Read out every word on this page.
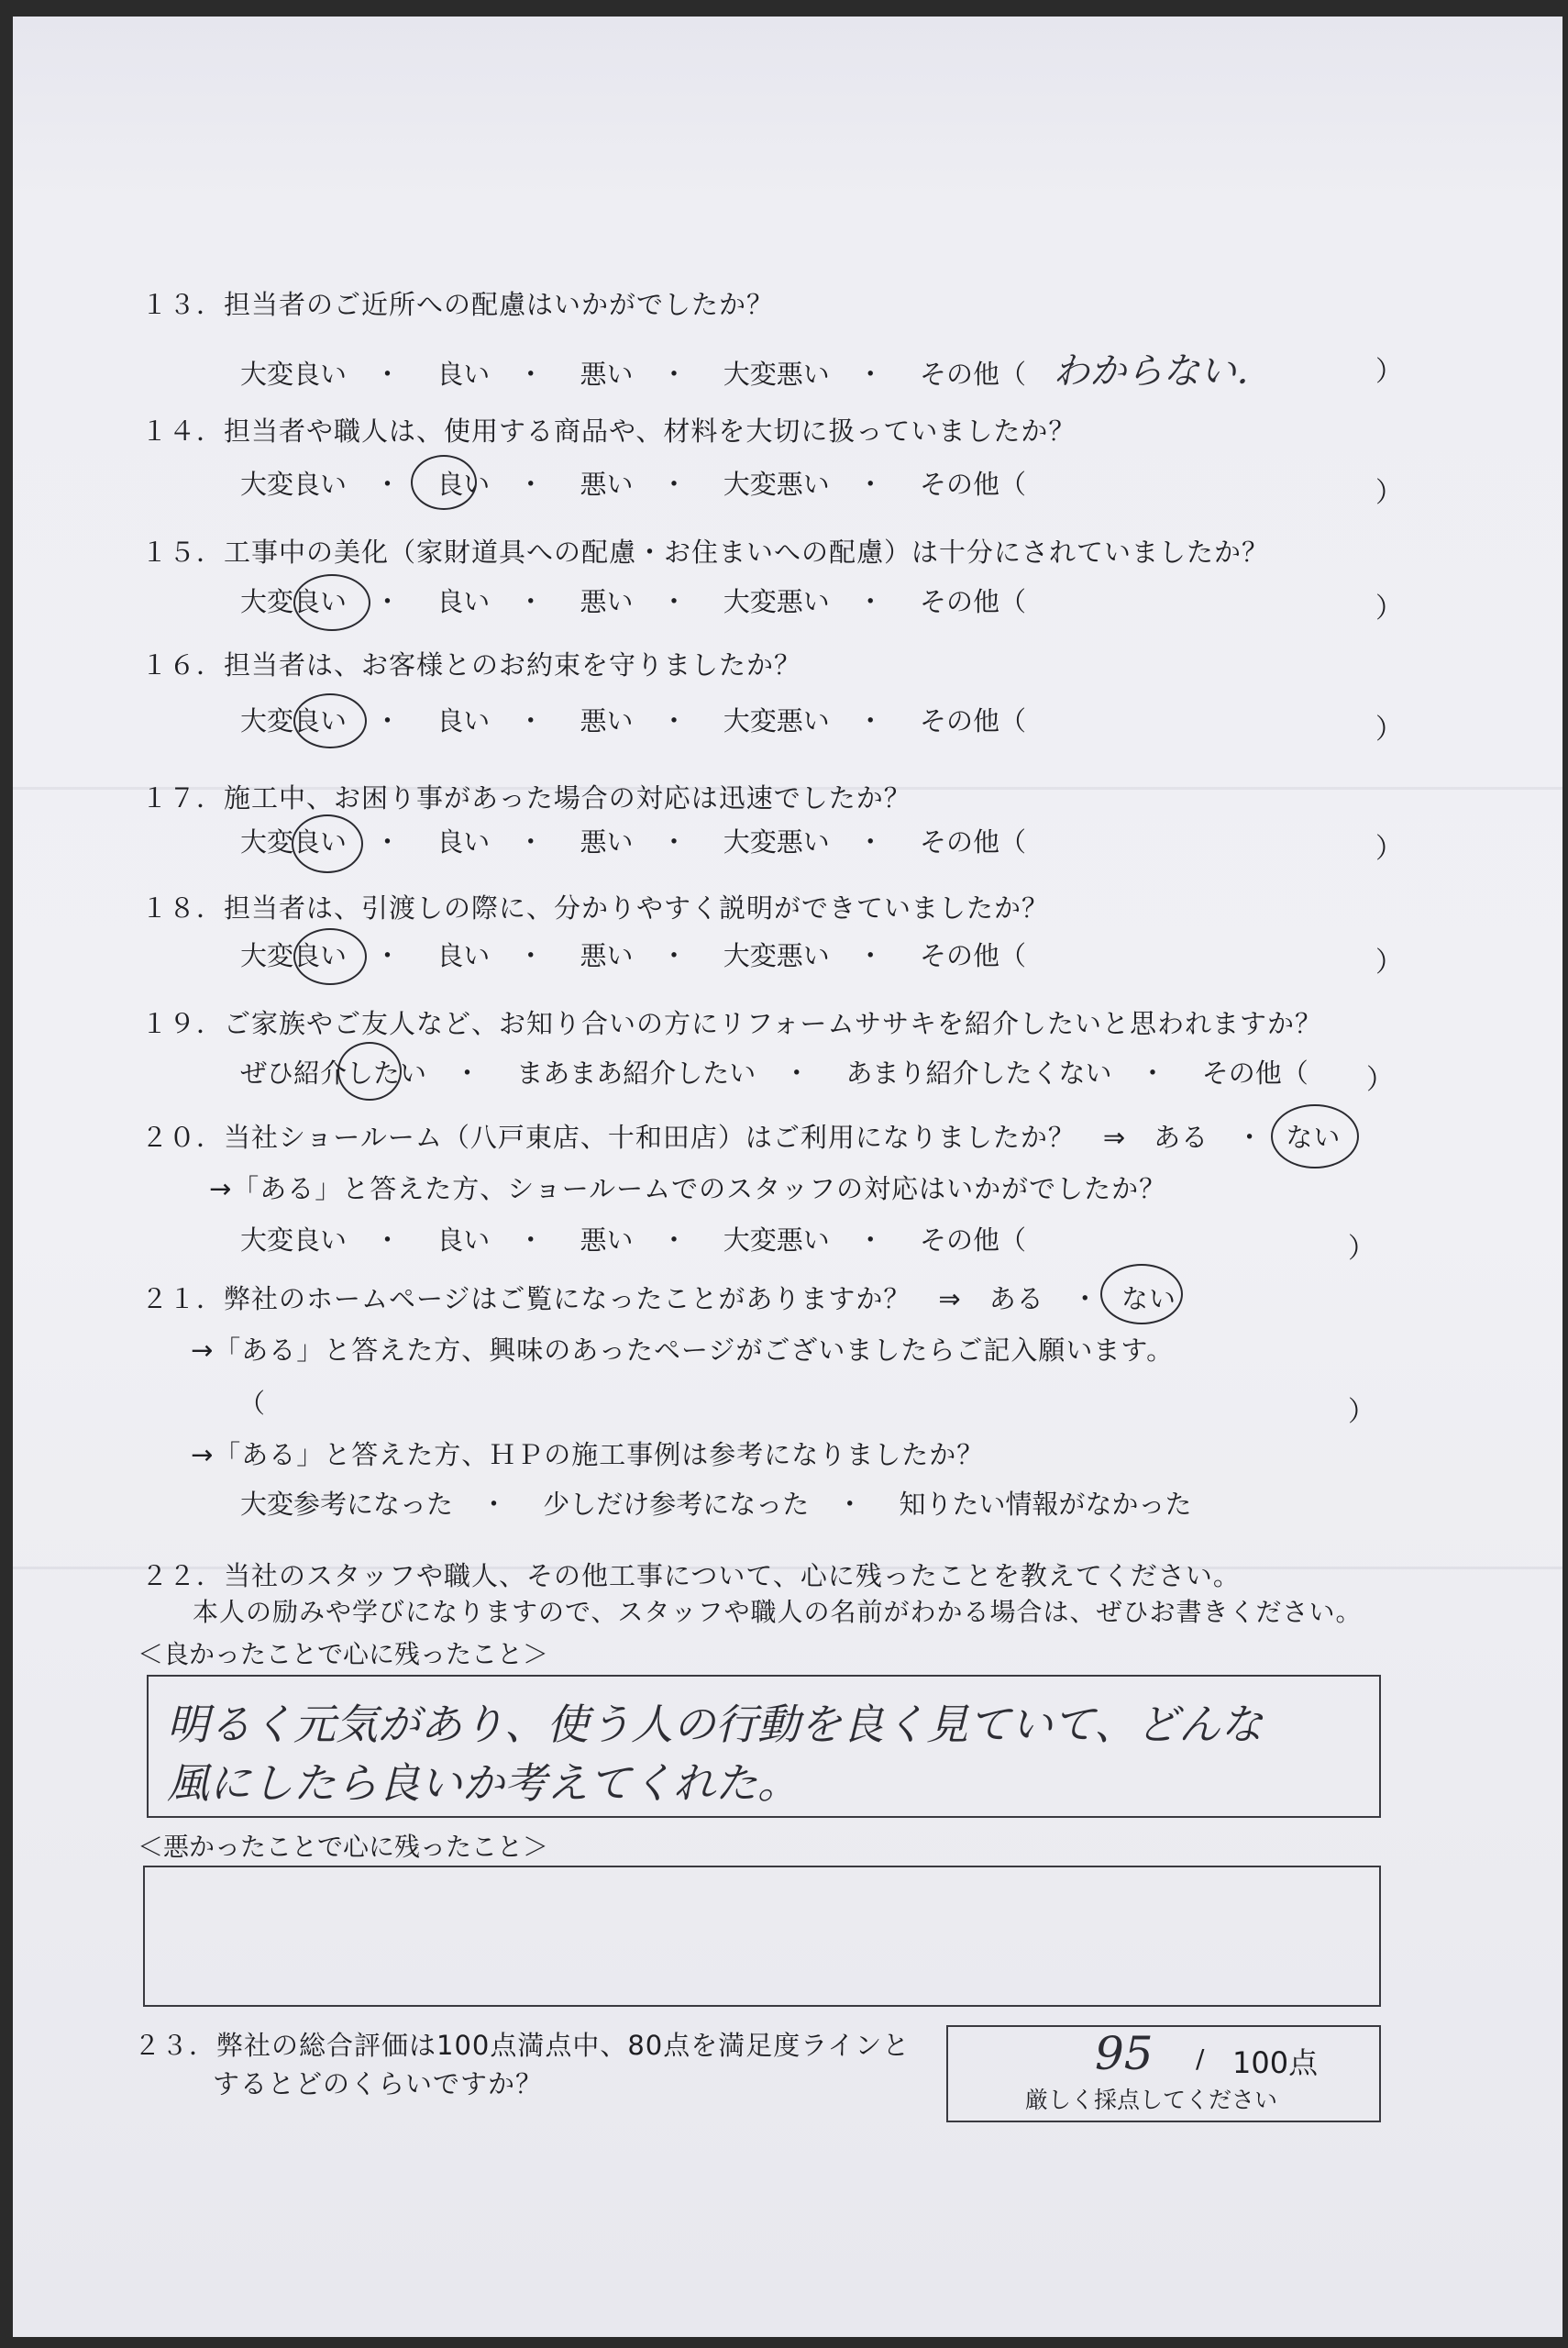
１３．担当者のご近所への配慮はいかがでしたか？
大変良い ・ 良い ・ 悪い ・ 大変悪い ・ その他（ わからない．	）
１４．担当者や職人は、使用する商品や、材料を大切に扱っていましたか？
大変良い ・ 良い ・ 悪い ・ 大変悪い ・ その他（	）
１５．工事中の美化（家財道具への配慮・お住まいへの配慮）は十分にされていましたか？
大変良い ・ 良い ・ 悪い ・ 大変悪い ・ その他（	）
１６．担当者は、お客様とのお約束を守りましたか？
大変良い ・ 良い ・ 悪い ・ 大変悪い ・ その他（	）
１７．施工中、お困り事があった場合の対応は迅速でしたか？
大変良い ・ 良い ・ 悪い ・ 大変悪い ・ その他（	）
１８．担当者は、引渡しの際に、分かりやすく説明ができていましたか？
大変良い ・ 良い ・ 悪い ・ 大変悪い ・ その他（	）
１９．ご家族やご友人など、お知り合いの方にリフォームササキを紹介したいと思われますか？
ぜひ紹介したい ・ まあまあ紹介したい ・ あまり紹介したくない ・ その他（ ）
２０．当社ショールーム（八戸東店、十和田店）はご利用になりましたか？　⇒　ある　・ ない
→「ある」と答えた方、ショールームでのスタッフの対応はいかがでしたか？
大変良い ・ 良い ・ 悪い ・ 大変悪い ・ その他（	）
２１．弊社のホームページはご覧になったことがありますか？　⇒　ある　・ ない
→「ある」と答えた方、興味のあったページがございましたらご記入願います。
（	）
→「ある」と答えた方、ＨＰの施工事例は参考になりましたか？
大変参考になった ・ 少しだけ参考になった ・ 知りたい情報がなかった
２２．当社のスタッフや職人、その他工事について、心に残ったことを教えてください。
本人の励みや学びになりますので、スタッフや職人の名前がわかる場合は、ぜひお書きください。
＜良かったことで心に残ったこと＞
明るく元気があり、使う人の行動を良く見ていて、どんな
風にしたら良いか考えてくれた。
＜悪かったことで心に残ったこと＞
２３．弊社の総合評価は100点満点中、80点を満足度ラインと
するとどのくらいですか？
95 / 100点
厳しく採点してください
